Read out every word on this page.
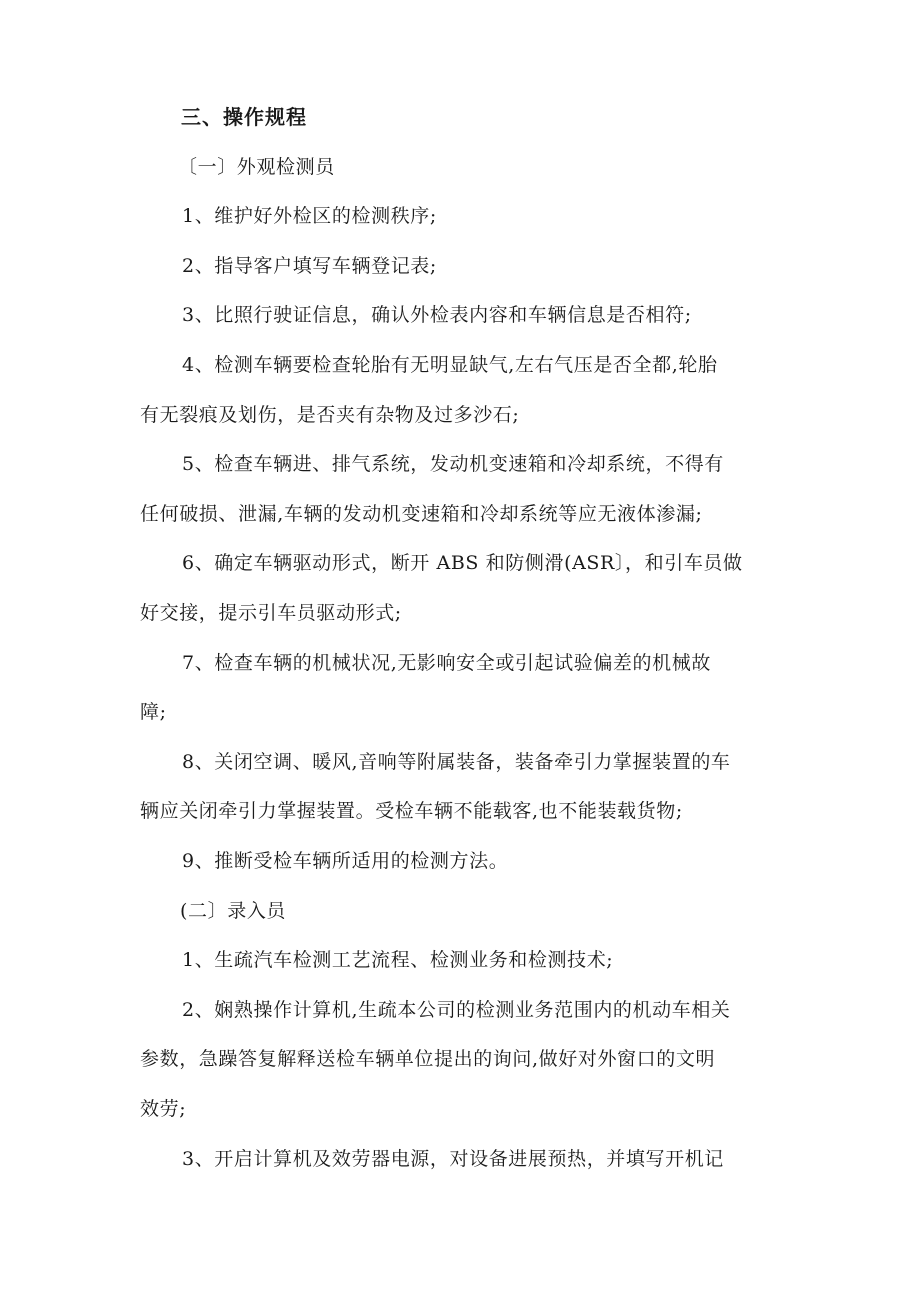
三、操作规程
〔一〕外观检测员
1、维护好外检区的检测秩序;
2、指导客户填写车辆登记表;
3、比照行驶证信息，确认外检表内容和车辆信息是否相符;
4、检测车辆要检查轮胎有无明显缺气,左右气压是否全都,轮胎
有无裂痕及划伤，是否夹有杂物及过多沙石;
5、检查车辆进、排气系统，发动机变速箱和冷却系统，不得有
任何破损、泄漏,车辆的发动机变速箱和冷却系统等应无液体渗漏;
6、确定车辆驱动形式，断开 ABS 和防侧滑(ASR〕，和引车员做
好交接，提示引车员驱动形式;
7、检查车辆的机械状况,无影响安全或引起试验偏差的机械故
障;
8、关闭空调、暖风,音响等附属装备，装备牵引力掌握装置的车
辆应关闭牵引力掌握装置。受检车辆不能载客,也不能装载货物;
9、推断受检车辆所适用的检测方法。
(二〕录入员
1、生疏汽车检测工艺流程、检测业务和检测技术;
2、娴熟操作计算机,生疏本公司的检测业务范围内的机动车相关
参数，急躁答复解释送检车辆单位提出的询问,做好对外窗口的文明
效劳;
3、开启计算机及效劳器电源，对设备进展预热，并填写开机记
